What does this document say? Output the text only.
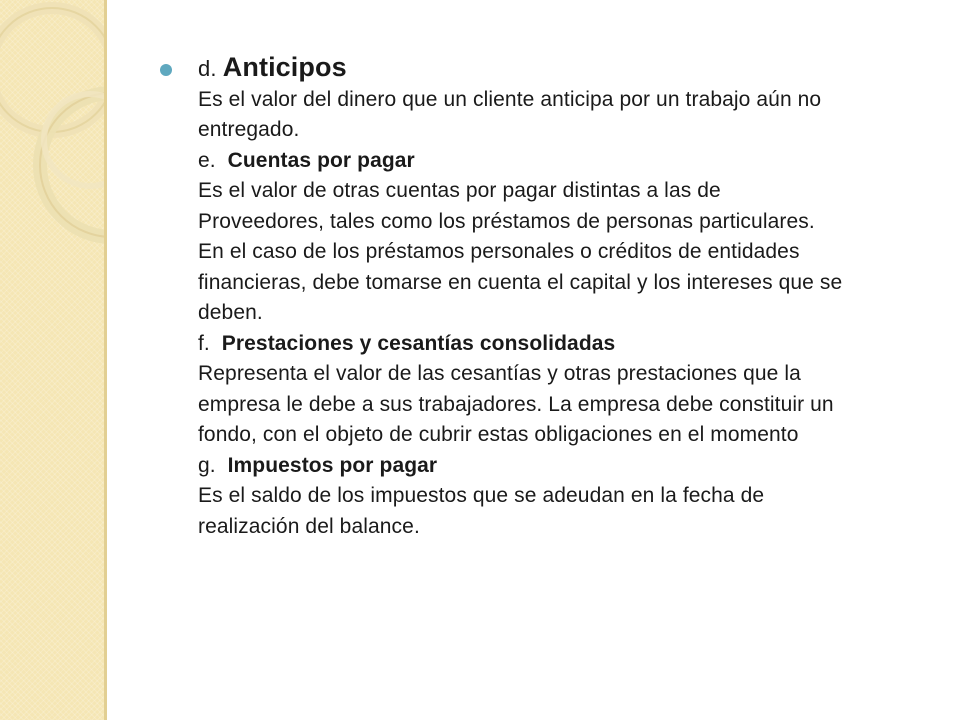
d. Anticipos
Es el valor del dinero que un cliente anticipa por un trabajo aún no
entregado.
e. Cuentas por pagar
Es el valor de otras cuentas por pagar distintas a las de
Proveedores, tales como los préstamos de personas particulares.
En el caso de los préstamos personales o créditos de entidades
financieras, debe tomarse en cuenta el capital y los intereses que se
deben.
f. Prestaciones y cesantías consolidadas
Representa el valor de las cesantías y otras prestaciones que la
empresa le debe a sus trabajadores. La empresa debe constituir un
fondo, con el objeto de cubrir estas obligaciones en el momento
g. Impuestos por pagar
Es el saldo de los impuestos que se adeudan en la fecha de
realización del balance.
